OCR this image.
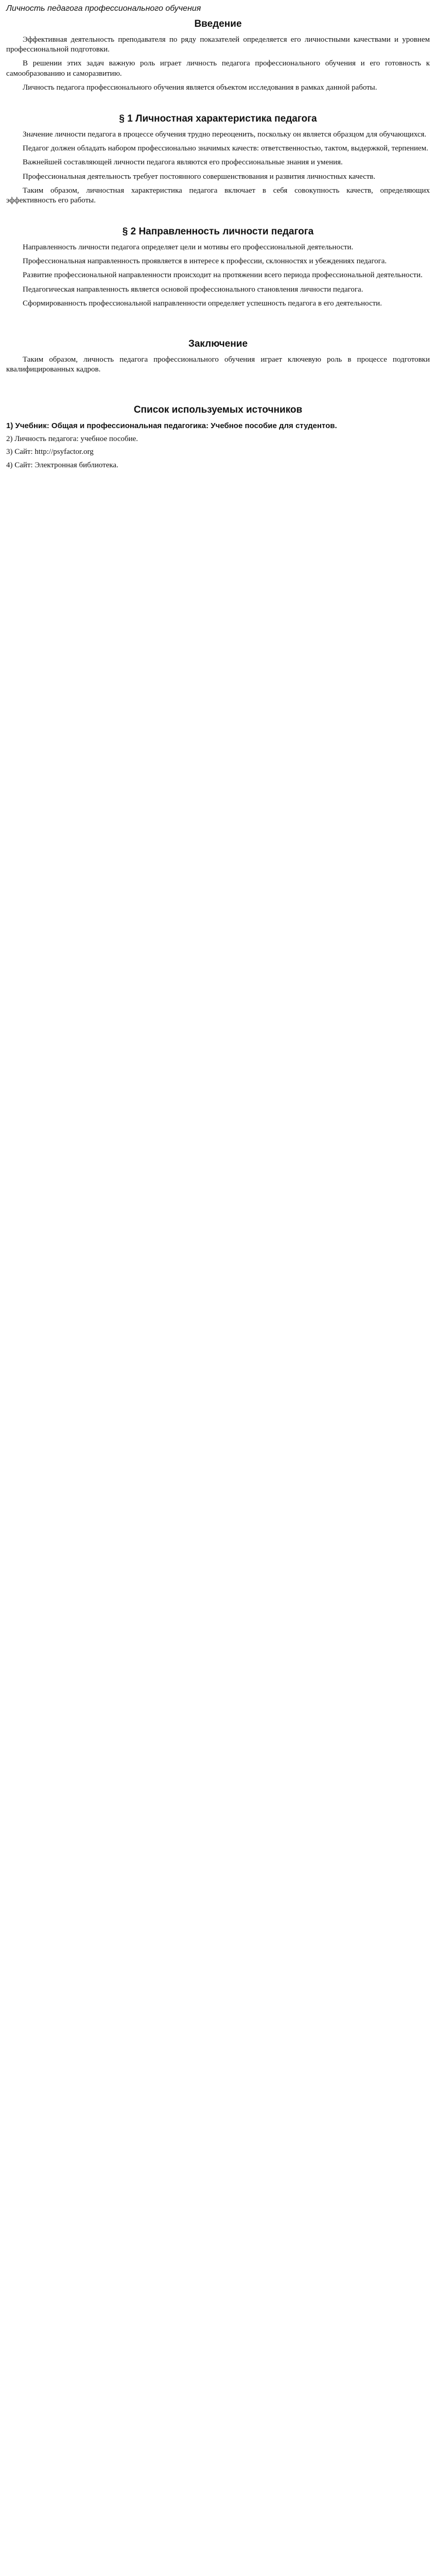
Личность педагога профессионального обучения
Введение

Эффективная деятельность преподавателя по ряду показателей определяется его личностными качествами и уровнем профессиональной подготовки.

В решении этих задач важную роль играет личность педагога профессионального обучения и его готовность к самообразованию и саморазвитию.

Личность педагога профессионального обучения является объектом исследования в рамках данной работы.

§ 1 Личностная характеристика педагога

Значение личности педагога в процессе обучения трудно переоценить, поскольку он является образцом для обучающихся.

Педагог должен обладать набором профессионально значимых качеств: ответственностью, тактом, выдержкой, терпением.

Важнейшей составляющей личности педагога являются его профессиональные знания и умения.

Профессиональная деятельность требует постоянного совершенствования и развития личностных качеств.

Таким образом, личностная характеристика педагога включает в себя совокупность качеств, определяющих эффективность его работы.

§ 2 Направленность личности педагога

Направленность личности педагога определяет цели и мотивы его профессиональной деятельности.

Профессиональная направленность проявляется в интересе к профессии, склонностях и убеждениях педагога.

Развитие профессиональной направленности происходит на протяжении всего периода профессиональной деятельности.

Педагогическая направленность является основой профессионального становления личности педагога.

Сформированность профессиональной направленности определяет успешность педагога в его деятельности.

Заключение

Таким образом, личность педагога профессионального обучения играет ключевую роль в процессе подготовки квалифицированных кадров.

Список используемых источников
1) Учебник: Общая и профессиональная педагогика: Учебное пособие для студентов.
2) Личность педагога: учебное пособие.
3) Сайт: http://psyfactor.org
4) Сайт: Электронная библиотека.
